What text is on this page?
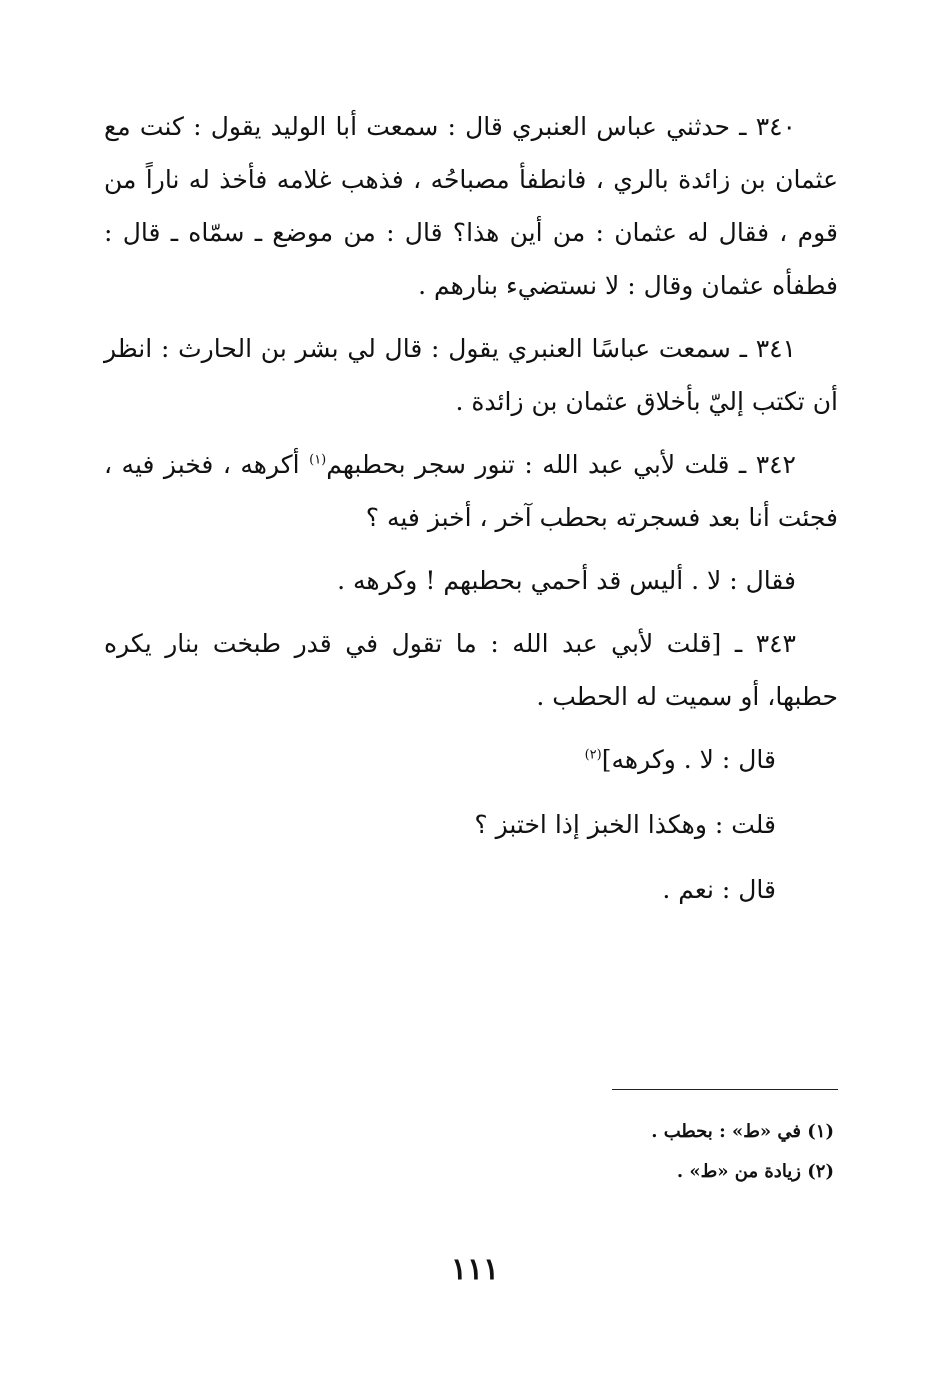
٣٤٠ ـ حدثني عباس العنبري قال : سمعت أبا الوليد يقول : كنت مع عثمان بن زائدة بالري ، فانطفأ مصباحُه ، فذهب غلامه فأخذ له ناراً من قوم ، فقال له عثمان : من أين هذا؟ قال : من موضع ـ سمّاه ـ قال : فطفأه عثمان وقال : لا نستضيء بنارهم .

٣٤١ ـ سمعت عباسًا العنبري يقول : قال لي بشر بن الحارث : انظر أن تكتب إليّ بأخلاق عثمان بن زائدة .

٣٤٢ ـ قلت لأبي عبد الله : تنور سجر بحطبهم$^{(١)}$ أكرهه ، فخبز فيه ، فجئت أنا بعد فسجرته بحطب آخر ، أخبز فيه ؟

فقال : لا . أليس قد أحمي بحطبهم ! وكرهه .

٣٤٣ ـ [قلت لأبي عبد الله : ما تقول في قدر طبخت بنار يكره حطبها، أو سميت له الحطب .

قال : لا . وكرهه]$^{(٢)}$

قلت : وهكذا الخبز إذا اختبز ؟

قال : نعم .

(١) في «ط» : بحطب .

(٢) زيادة من «ط» .

١١١
